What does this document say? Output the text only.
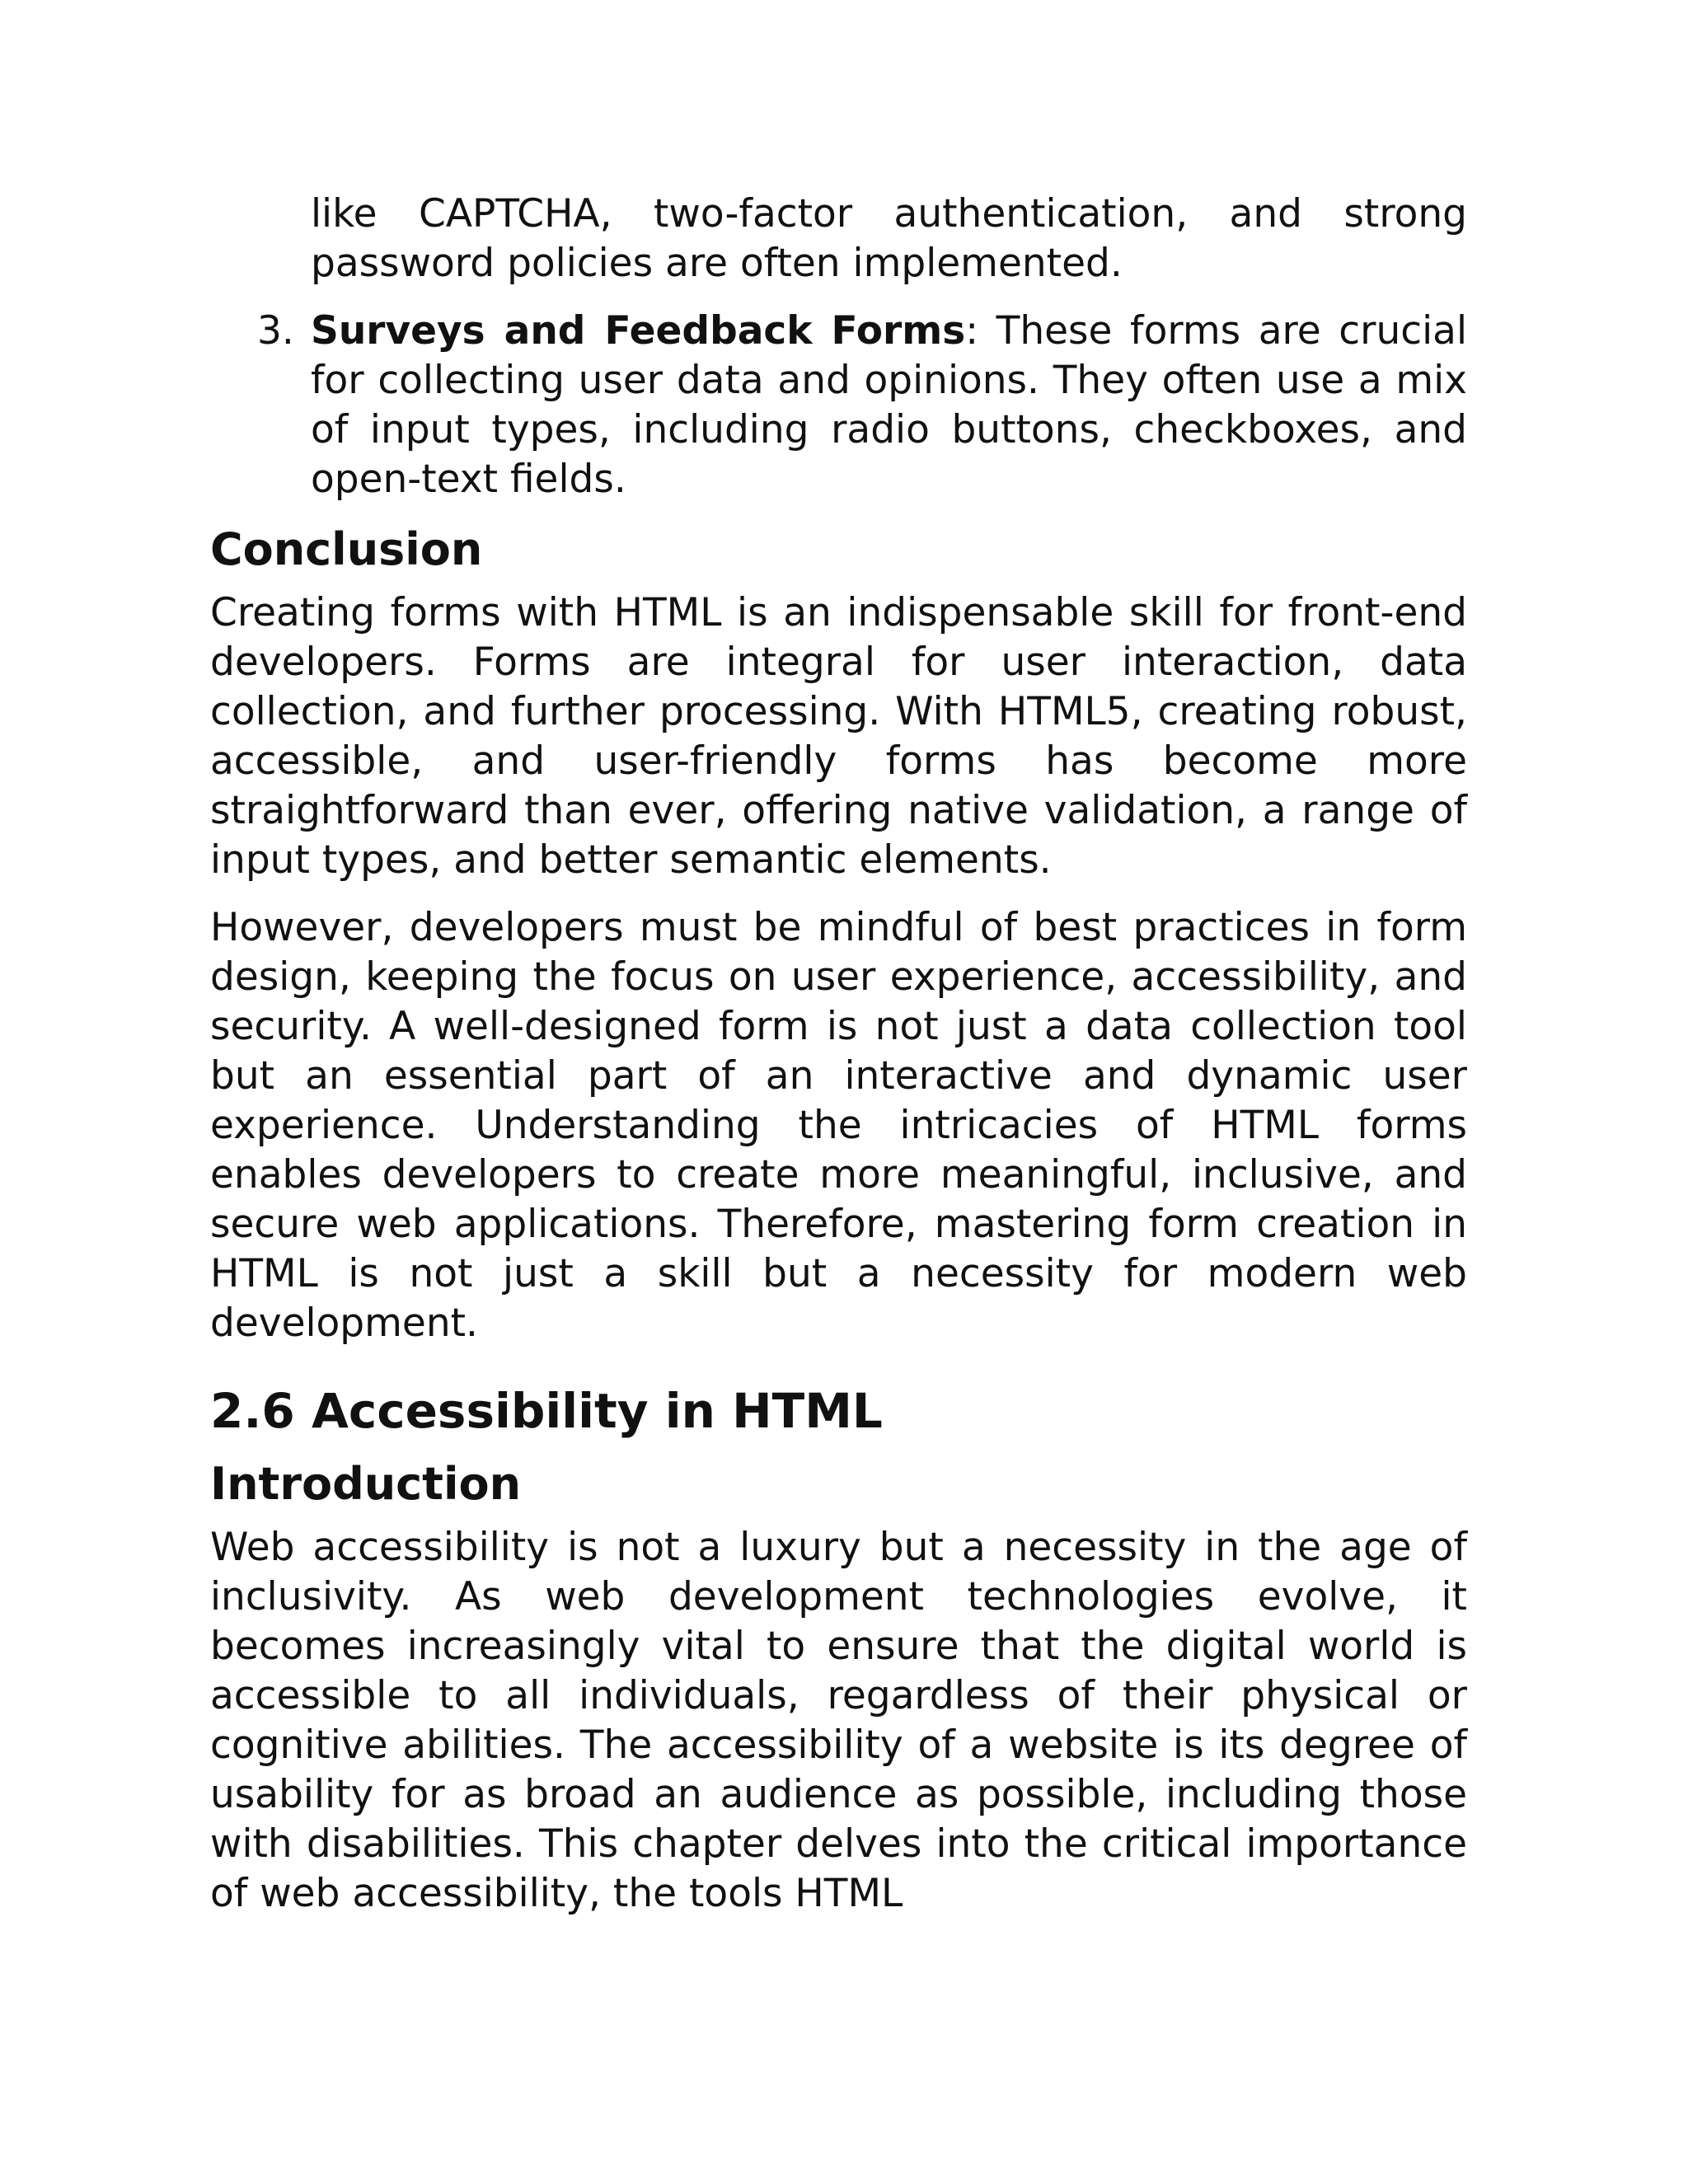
like CAPTCHA, two-factor authentication, and strong password policies are often implemented.

3. Surveys and Feedback Forms: These forms are crucial for collecting user data and opinions. They often use a mix of input types, including radio buttons, checkboxes, and open-text fields.

Conclusion

Creating forms with HTML is an indispensable skill for front-end developers. Forms are integral for user interaction, data collection, and further processing. With HTML5, creating robust, accessible, and user-friendly forms has become more straightforward than ever, offering native validation, a range of input types, and better semantic elements.

However, developers must be mindful of best practices in form design, keeping the focus on user experience, accessibility, and security. A well-designed form is not just a data collection tool but an essential part of an interactive and dynamic user experience. Understanding the intricacies of HTML forms enables developers to create more meaningful, inclusive, and secure web applications. Therefore, mastering form creation in HTML is not just a skill but a necessity for modern web development.

2.6 Accessibility in HTML
Introduction

Web accessibility is not a luxury but a necessity in the age of inclusivity. As web development technologies evolve, it becomes increasingly vital to ensure that the digital world is accessible to all individuals, regardless of their physical or cognitive abilities. The accessibility of a website is its degree of usability for as broad an audience as possible, including those with disabilities. This chapter delves into the critical importance of web accessibility, the tools HTML
